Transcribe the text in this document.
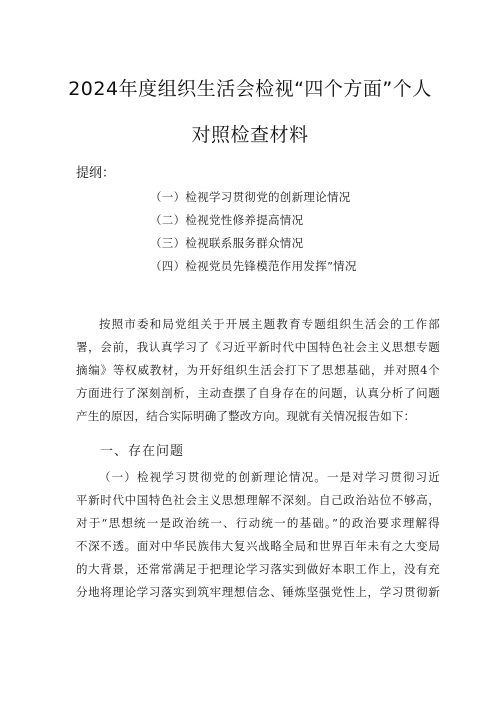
2024年度组织生活会检视“四个方面”个人
对照检查材料
提纲：
（一）检视学习贯彻党的创新理论情况
（二）检视党性修养提高情况
（三）检视联系服务群众情况
（四）检视党员先锋模范作用发挥”情况
按照市委和局党组关于开展主题教育专题组织生活会的工作部
署，会前，我认真学习了《习近平新时代中国特色社会主义思想专题
摘编》等权威教材，为开好组织生活会打下了思想基础，并对照4个
方面进行了深刻剖析，主动查摆了自身存在的问题，认真分析了问题
产生的原因，结合实际明确了整改方向。现就有关情况报告如下：
一、存在问题
（一）检视学习贯彻党的创新理论情况。一是对学习贯彻习近
平新时代中国特色社会主义思想理解不深刻。自己政治站位不够高，
对于“思想统一是政治统一、行动统一的基础。”的政治要求理解得
不深不透。面对中华民族伟大复兴战略全局和世界百年未有之大变局
的大背景，还常常满足于把理论学习落实到做好本职工作上，没有充
分地将理论学习落实到筑牢理想信念、锤炼坚强党性上，学习贯彻新
